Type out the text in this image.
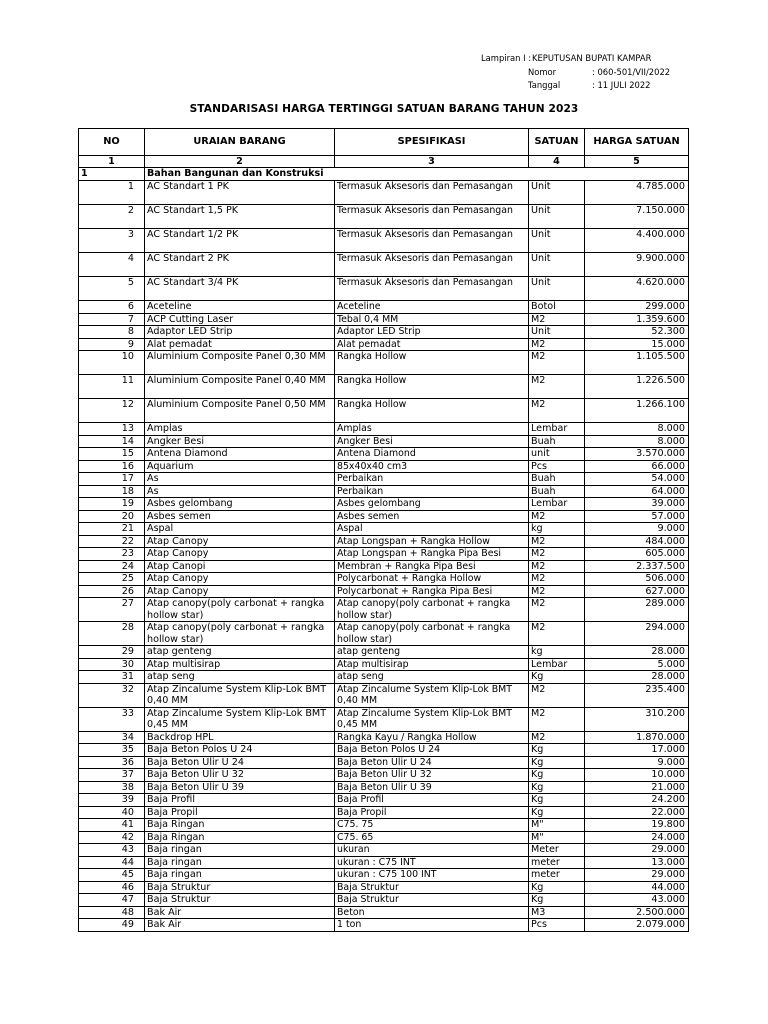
Lampiran I : KEPUTUSAN BUPATI KAMPAR
Nomor	: 060-501/VII/2022
Tanggal	: 11 JULI 2022
STANDARISASI HARGA TERTINGGI SATUAN BARANG TAHUN 2023
NO	URAIAN BARANG	SPESIFIKASI	SATUAN	HARGA SATUAN
1	2	3	4	5
1	Bahan Bangunan dan Konstruksi			
1	AC Standart 1 PK	Termasuk Aksesoris dan Pemasangan	Unit	4.785.000
2	AC Standart 1,5 PK	Termasuk Aksesoris dan Pemasangan	Unit	7.150.000
3	AC Standart 1/2 PK	Termasuk Aksesoris dan Pemasangan	Unit	4.400.000
4	AC Standart 2 PK	Termasuk Aksesoris dan Pemasangan	Unit	9.900.000
5	AC Standart 3/4 PK	Termasuk Aksesoris dan Pemasangan	Unit	4.620.000
6	Aceteline	Aceteline	Botol	299.000
7	ACP Cutting Laser	Tebal 0,4 MM	M2	1.359.600
8	Adaptor LED Strip	Adaptor LED Strip	Unit	52.300
9	Alat pemadat	Alat pemadat	M2	15.000
10	Aluminium Composite Panel 0,30 MM	Rangka Hollow	M2	1.105.500
11	Aluminium Composite Panel 0,40 MM	Rangka Hollow	M2	1.226.500
12	Aluminium Composite Panel 0,50 MM	Rangka Hollow	M2	1.266.100
13	Amplas	Amplas	Lembar	8.000
14	Angker Besi	Angker Besi	Buah	8.000
15	Antena Diamond	Antena Diamond	unit	3.570.000
16	Aquarium	85x40x40 cm3	Pcs	66.000
17	As	Perbaikan	Buah	54.000
18	As	Perbaikan	Buah	64.000
19	Asbes gelombang	Asbes gelombang	Lembar	39.000
20	Asbes semen	Asbes semen	M2	57.000
21	Aspal	Aspal	kg	9.000
22	Atap Canopy	Atap Longspan + Rangka Hollow	M2	484.000
23	Atap Canopy	Atap Longspan + Rangka Pipa Besi	M2	605.000
24	Atap Canopi	Membran + Rangka Pipa Besi	M2	2.337.500
25	Atap Canopy	Polycarbonat + Rangka Hollow	M2	506.000
26	Atap Canopy	Polycarbonat + Rangka Pipa Besi	M2	627.000
27	Atap canopy(poly carbonat + rangka hollow star)	Atap canopy(poly carbonat + rangka hollow star)	M2	289.000
28	Atap canopy(poly carbonat + rangka hollow star)	Atap canopy(poly carbonat + rangka hollow star)	M2	294.000
29	atap genteng	atap genteng	kg	28.000
30	Atap multisirap	Atap multisirap	Lembar	5.000
31	atap seng	atap seng	Kg	28.000
32	Atap Zincalume System Klip-Lok BMT 0,40 MM	Atap Zincalume System Klip-Lok BMT 0,40 MM	M2	235.400
33	Atap Zincalume System Klip-Lok BMT 0,45 MM	Atap Zincalume System Klip-Lok BMT 0,45 MM	M2	310.200
34	Backdrop HPL	Rangka Kayu / Rangka Hollow	M2	1.870.000
35	Baja Beton Polos U 24	Baja Beton Polos U 24	Kg	17.000
36	Baja Beton Ulir U 24	Baja Beton Ulir U 24	Kg	9.000
37	Baja Beton Ulir U 32	Baja Beton Ulir U 32	Kg	10.000
38	Baja Beton Ulir U 39	Baja Beton Ulir U 39	Kg	21.000
39	Baja Profil	Baja Profil	Kg	24.200
40	Baja Propil	Baja Propil	Kg	22.000
41	Baja Ringan	C75. 75	M"	19.800
42	Baja Ringan	C75. 65	M"	24.000
43	Baja ringan	ukuran	Meter	29.000
44	Baja ringan	ukuran : C75 INT	meter	13.000
45	Baja ringan	ukuran : C75 100 INT	meter	29.000
46	Baja Struktur	Baja Struktur	Kg	44.000
47	Baja Struktur	Baja Struktur	Kg	43.000
48	Bak Air	Beton	M3	2.500.000
49	Bak Air	1 ton	Pcs	2.079.000
